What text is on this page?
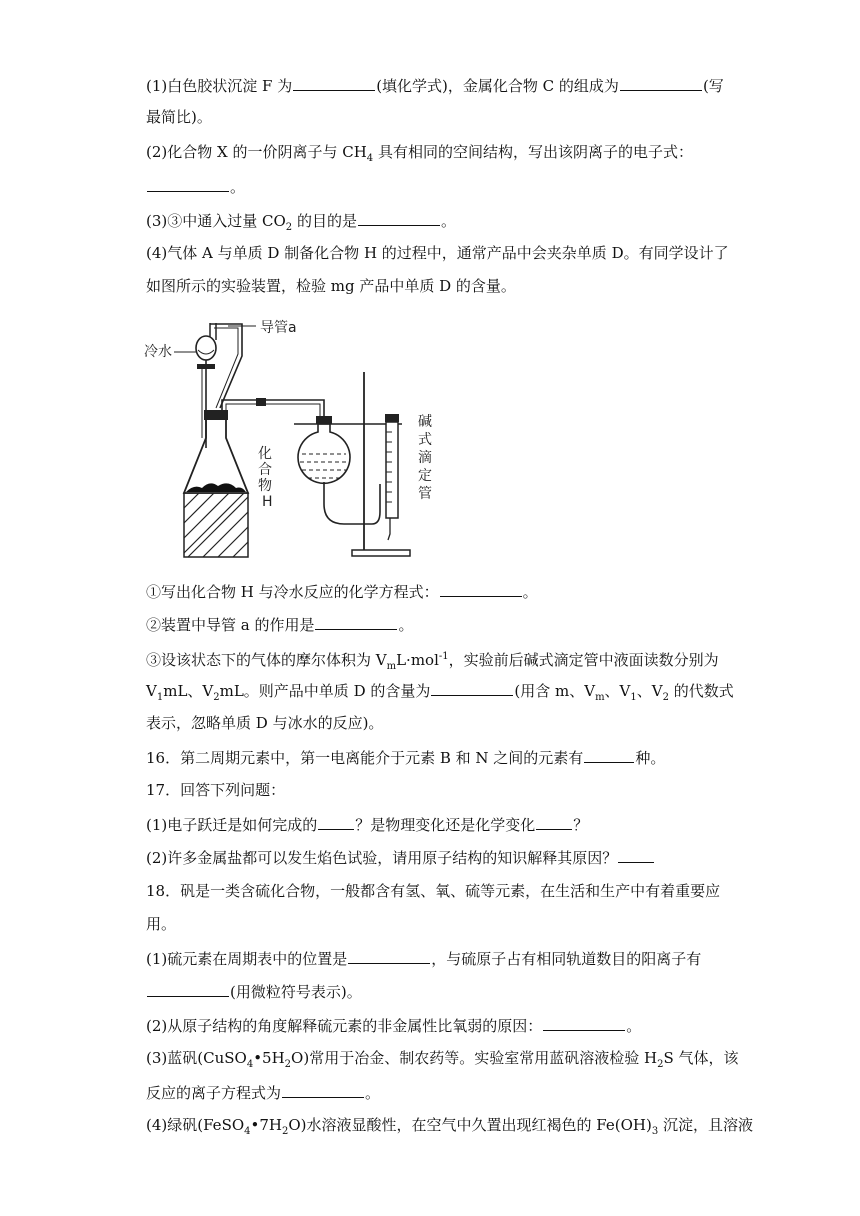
(1)白色胶状沉淀 F 为	(填化学式)，金属化合物 C 的组成为	(写
最简比)。
(2)化合物 X 的一价阴离子与 $CH_4$ 具有相同的空间结构，写出该阴离子的电子式：
。
(3)③中通入过量 $CO_2$ 的目的是	。
(4)气体 A 与单质 D 制备化合物 H 的过程中，通常产品中会夹杂单质 D。有同学设计了
如图所示的实验装置，检验 mg 产品中单质 D 的含量。
冷水
导管a
化
合
物
H
碱
式
滴
定
管
①写出化合物 H 与冷水反应的化学方程式：	。
②装置中导管 a 的作用是	。
③设该状态下的气体的摩尔体积为 $V_mL\cdot mol^{-1}$，实验前后碱式滴定管中液面读数分别为
$V_1mL$、$V_2mL$。则产品中单质 D 的含量为	(用含 m、$V_m$、$V_1$、$V_2$ 的代数式
表示，忽略单质 D 与冰水的反应)。
16．第二周期元素中，第一电离能介于元素 B 和 N 之间的元素有	种。
17．回答下列问题：
(1)电子跃迁是如何完成的	？是物理变化还是化学变化	？
(2)许多金属盐都可以发生焰色试验，请用原子结构的知识解释其原因？
18．矾是一类含硫化合物，一般都含有氢、氧、硫等元素，在生活和生产中有着重要应
用。
(1)硫元素在周期表中的位置是	，与硫原子占有相同轨道数目的阳离子有
(用微粒符号表示)。
(2)从原子结构的角度解释硫元素的非金属性比氧弱的原因：	。
(3)蓝矾$(CuSO_4•5H_2O)$常用于冶金、制农药等。实验室常用蓝矾溶液检验 $H_2S$ 气体，该
反应的离子方程式为	。
(4)绿矾$(FeSO_4•7H_2O)$水溶液显酸性，在空气中久置出现红褐色的 $Fe(OH)_3$ 沉淀，且溶液
